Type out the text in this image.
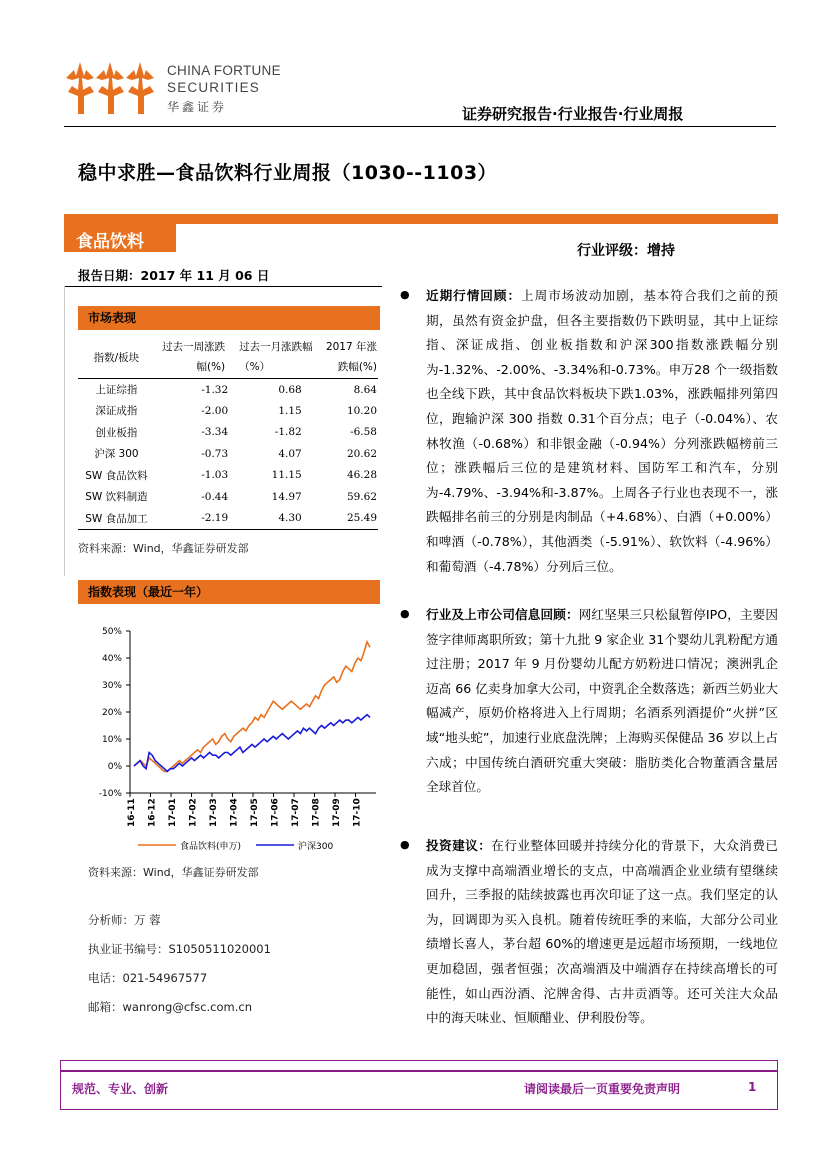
CHINA FORTUNE
SECURITIES
华鑫证券	证券研究报告·行业报告·行业周报
稳中求胜—食品饮料行业周报（1030--1103）
食品饮料	行业评级：增持
报告日期：2017 年 11 月 06 日
市场表现
指数/板块	过去一周涨跌幅(%)	过去一月涨跌幅（%）	2017 年涨跌幅(%)
上证综指	-1.32	0.68	8.64
深证成指	-2.00	1.15	10.20
创业板指	-3.34	-1.82	-6.58
沪深 300	-0.73	4.07	20.62
SW 食品饮料	-1.03	11.15	46.28
SW 饮料制造	-0.44	14.97	59.62
SW 食品加工	-2.19	4.30	25.49
资料来源：Wind，华鑫证券研发部
指数表现（最近一年）
50%
40%
30%
20%
10%
0%
-10%
16-11 16-12 17-01 17-02 17-03 17-04 17-05 17-06 17-07 17-08 17-09 17-10
食品饮料(申万)	沪深300
资料来源：Wind，华鑫证券研发部
分析师：万 蓉
执业证书编号：S1050511020001
电话：021-54967577
邮箱：wanrong@cfsc.com.cn
● 近期行情回顾：上周市场波动加剧，基本符合我们之前的预期，虽然有资金护盘，但各主要指数仍下跌明显，其中上证综指、深证成指、创业板指数和沪深300指数涨跌幅分别为-1.32%、-2.00%、-3.34%和-0.73%。申万28 个一级指数也全线下跌，其中食品饮料板块下跌1.03%，涨跌幅排列第四位，跑输沪深 300 指数 0.31个百分点；电子（-0.04%）、农林牧渔（-0.68%）和非银金融（-0.94%）分列涨跌幅榜前三位；涨跌幅后三位的是建筑材料、国防军工和汽车，分别为-4.79%、-3.94%和-3.87%。上周各子行业也表现不一，涨跌幅排名前三的分别是肉制品（+4.68%）、白酒（+0.00%）和啤酒（-0.78%），其他酒类（-5.91%）、软饮料（-4.96%）和葡萄酒（-4.78%）分列后三位。
● 行业及上市公司信息回顾：网红坚果三只松鼠暂停IPO，主要因签字律师离职所致；第十九批 9 家企业 31个婴幼儿乳粉配方通过注册；2017 年 9 月份婴幼儿配方奶粉进口情况；澳洲乳企迈高 66 亿卖身加拿大公司，中资乳企全数落选；新西兰奶业大幅减产，原奶价格将进入上行周期；名酒系列酒提价“火拼”区域“地头蛇”，加速行业底盘洗牌；上海购买保健品 36 岁以上占六成；中国传统白酒研究重大突破：脂肪类化合物董酒含量居全球首位。
● 投资建议：在行业整体回暖并持续分化的背景下，大众消费已成为支撑中高端酒业增长的支点，中高端酒企业业绩有望继续回升，三季报的陆续披露也再次印证了这一点。我们坚定的认为，回调即为买入良机。随着传统旺季的来临，大部分公司业绩增长喜人，茅台超 60%的增速更是远超市场预期，一线地位更加稳固，强者恒强；次高端酒及中端酒存在持续高增长的可能性，如山西汾酒、沱牌舍得、古井贡酒等。还可关注大众品中的海天味业、恒顺醋业、伊利股份等。
规范、专业、创新	请阅读最后一页重要免责声明	1
